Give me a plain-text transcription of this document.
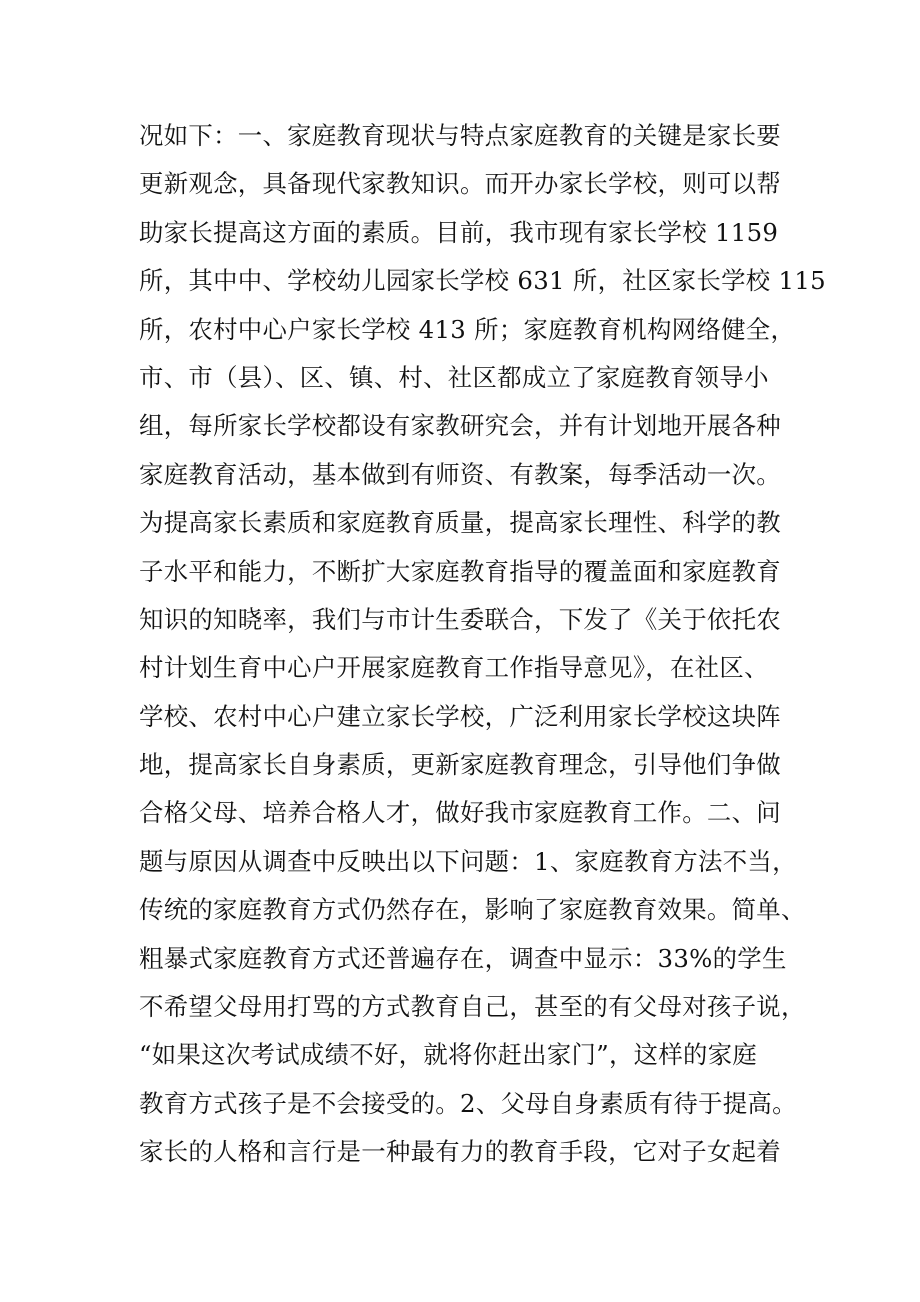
况如下：一、家庭教育现状与特点家庭教育的关键是家长要
更新观念，具备现代家教知识。而开办家长学校，则可以帮
助家长提高这方面的素质。目前，我市现有家长学校 1159
所，其中中、学校幼儿园家长学校 631 所，社区家长学校 115
所，农村中心户家长学校 413 所；家庭教育机构网络健全，
市、市（县）、区、镇、村、社区都成立了家庭教育领导小
组，每所家长学校都设有家教研究会，并有计划地开展各种
家庭教育活动，基本做到有师资、有教案，每季活动一次。
为提高家长素质和家庭教育质量，提高家长理性、科学的教
子水平和能力，不断扩大家庭教育指导的覆盖面和家庭教育
知识的知晓率，我们与市计生委联合，下发了《关于依托农
村计划生育中心户开展家庭教育工作指导意见》，在社区、
学校、农村中心户建立家长学校，广泛利用家长学校这块阵
地，提高家长自身素质，更新家庭教育理念，引导他们争做
合格父母、培养合格人才，做好我市家庭教育工作。二、问
题与原因从调查中反映出以下问题：1、家庭教育方法不当，
传统的家庭教育方式仍然存在，影响了家庭教育效果。简单、
粗暴式家庭教育方式还普遍存在，调查中显示：33%的学生
不希望父母用打骂的方式教育自己，甚至的有父母对孩子说，
“如果这次考试成绩不好，就将你赶出家门”，这样的家庭
教育方式孩子是不会接受的。2、父母自身素质有待于提高。
家长的人格和言行是一种最有力的教育手段，它对子女起着
